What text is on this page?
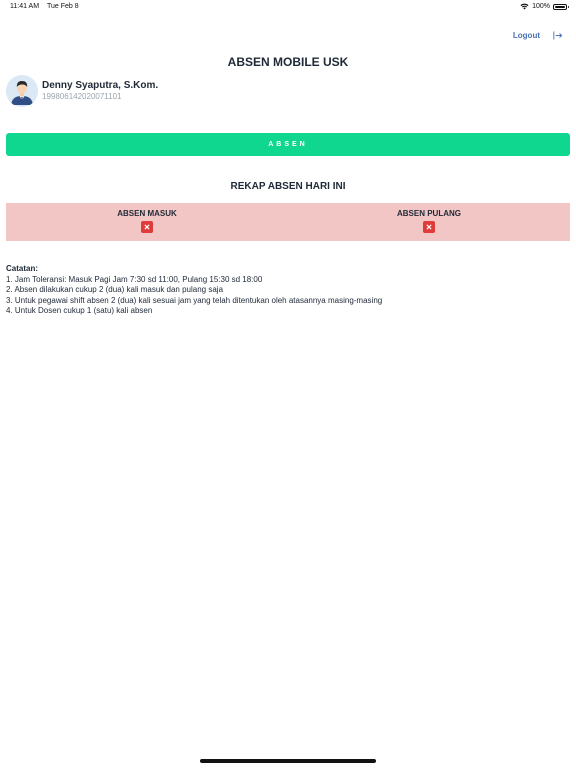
11:41 AM Tue Feb 8	100%
Logout
ABSEN MOBILE USK
Denny Syaputra, S.Kom.
199806142020071101
ABSEN
REKAP ABSEN HARI INI
ABSEN MASUK	ABSEN PULANG
Catatan:
1. Jam Toleransi: Masuk Pagi Jam 7:30 sd 11:00, Pulang 15:30 sd 18:00
2. Absen dilakukan cukup 2 (dua) kali masuk dan pulang saja
3. Untuk pegawai shift absen 2 (dua) kali sesuai jam yang telah ditentukan oleh atasannya masing-masing
4. Untuk Dosen cukup 1 (satu) kali absen
